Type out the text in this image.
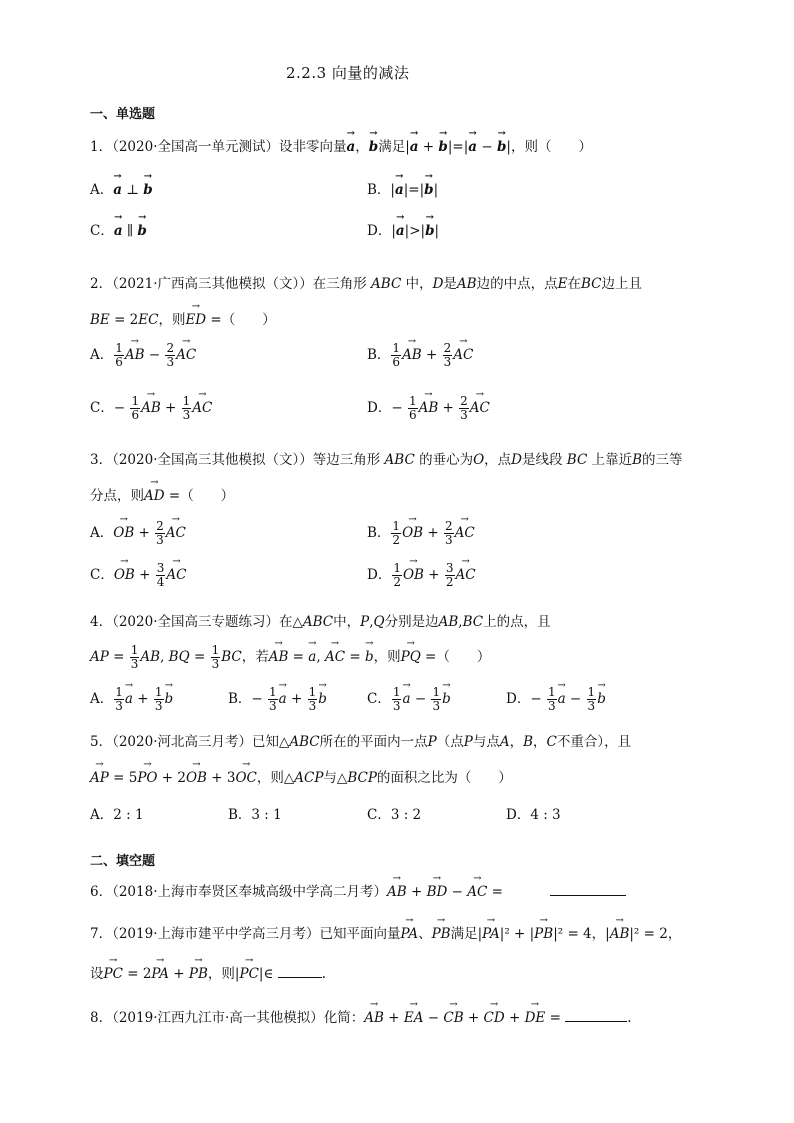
2.2.3 向量的减法
一、单选题
1．（2020·全国高一单元测试）设非零向量→ a，→ b满足|→ a + → b|=|→ a − → b|，则（　　）
A．→ a ⊥ → b	B．|→ a|=|→ b|
C．→ a ∥ → b	D．|→ a|>|→ b|
2．（2021·广西高三其他模拟（文））在三角形 ABC 中，D是AB边的中点，点E在BC边上且
BE = 2EC，则→ ED =（　　）
A． $\frac{1}{6}$
→ AB − $\frac{2}{3}$
→ AC	B． $\frac{1}{6}$
→ AB + $\frac{2}{3}$
→ AC
C．− $\frac{1}{6}$
→ AB + $\frac{1}{3}$
→ AC	D．− $\frac{1}{6}$
→ AB + $\frac{2}{3}$
→ AC
3．（2020·全国高三其他模拟（文））等边三角形 ABC 的垂心为O，点D是线段 BC 上靠近B的三等
分点，则→ AD =（　　）
A．→ OB + $\frac{2}{3}$
→ AC	B． $\frac{1}{2}$
→ OB + $\frac{2}{3}$
→ AC
C．→ OB + $\frac{3}{4}$
→ AC	D． $\frac{1}{2}$
→ OB + $\frac{3}{2}$
→ AC
4．（2020·全国高三专题练习）在△ABC中，P,Q分别是边AB,BC上的点，且
AP = $\frac{1}{3}$ AB, BQ = $\frac{1}{3}$ BC，若→ AB = → a, → AC = → b，则→ PQ =（　　）
A． $\frac{1}{3}$
→ $a + \frac{1}{3}$
→ b	B．− $\frac{1}{3}$
→ $a + \frac{1}{3}$
→ b	C． $\frac{1}{3}$
→ $a - \frac{1}{3}$
→ b	D．− $\frac{1}{3}$
→ $a - \frac{1}{3}$
→ b
5．（2020·河北高三月考）已知△ABC所在的平面内一点P（点P与点A，B，C不重合），且
→ AP = 5→ PO + 2→ OB + 3→ OC，则△ACP与△BCP的面积之比为（　　）
A．2 : 1	B．3 : 1	C．3 : 2	D．4 : 3
二、填空题
6．（2018·上海市奉贤区奉城高级中学高二月考）→ AB + → BD − → AC =
7．（2019·上海市建平中学高三月考）已知平面向量→ PA、→ PB满足|→ PA|² + |→ PB|² = 4，|→ AB|² = 2，
设→ PC = 2→ PA + → PB，则|→ PC|∈	.
8．（2019·江西九江市·高一其他模拟）化简：→ AB + → EA − → CB + → CD + → DE =	.
